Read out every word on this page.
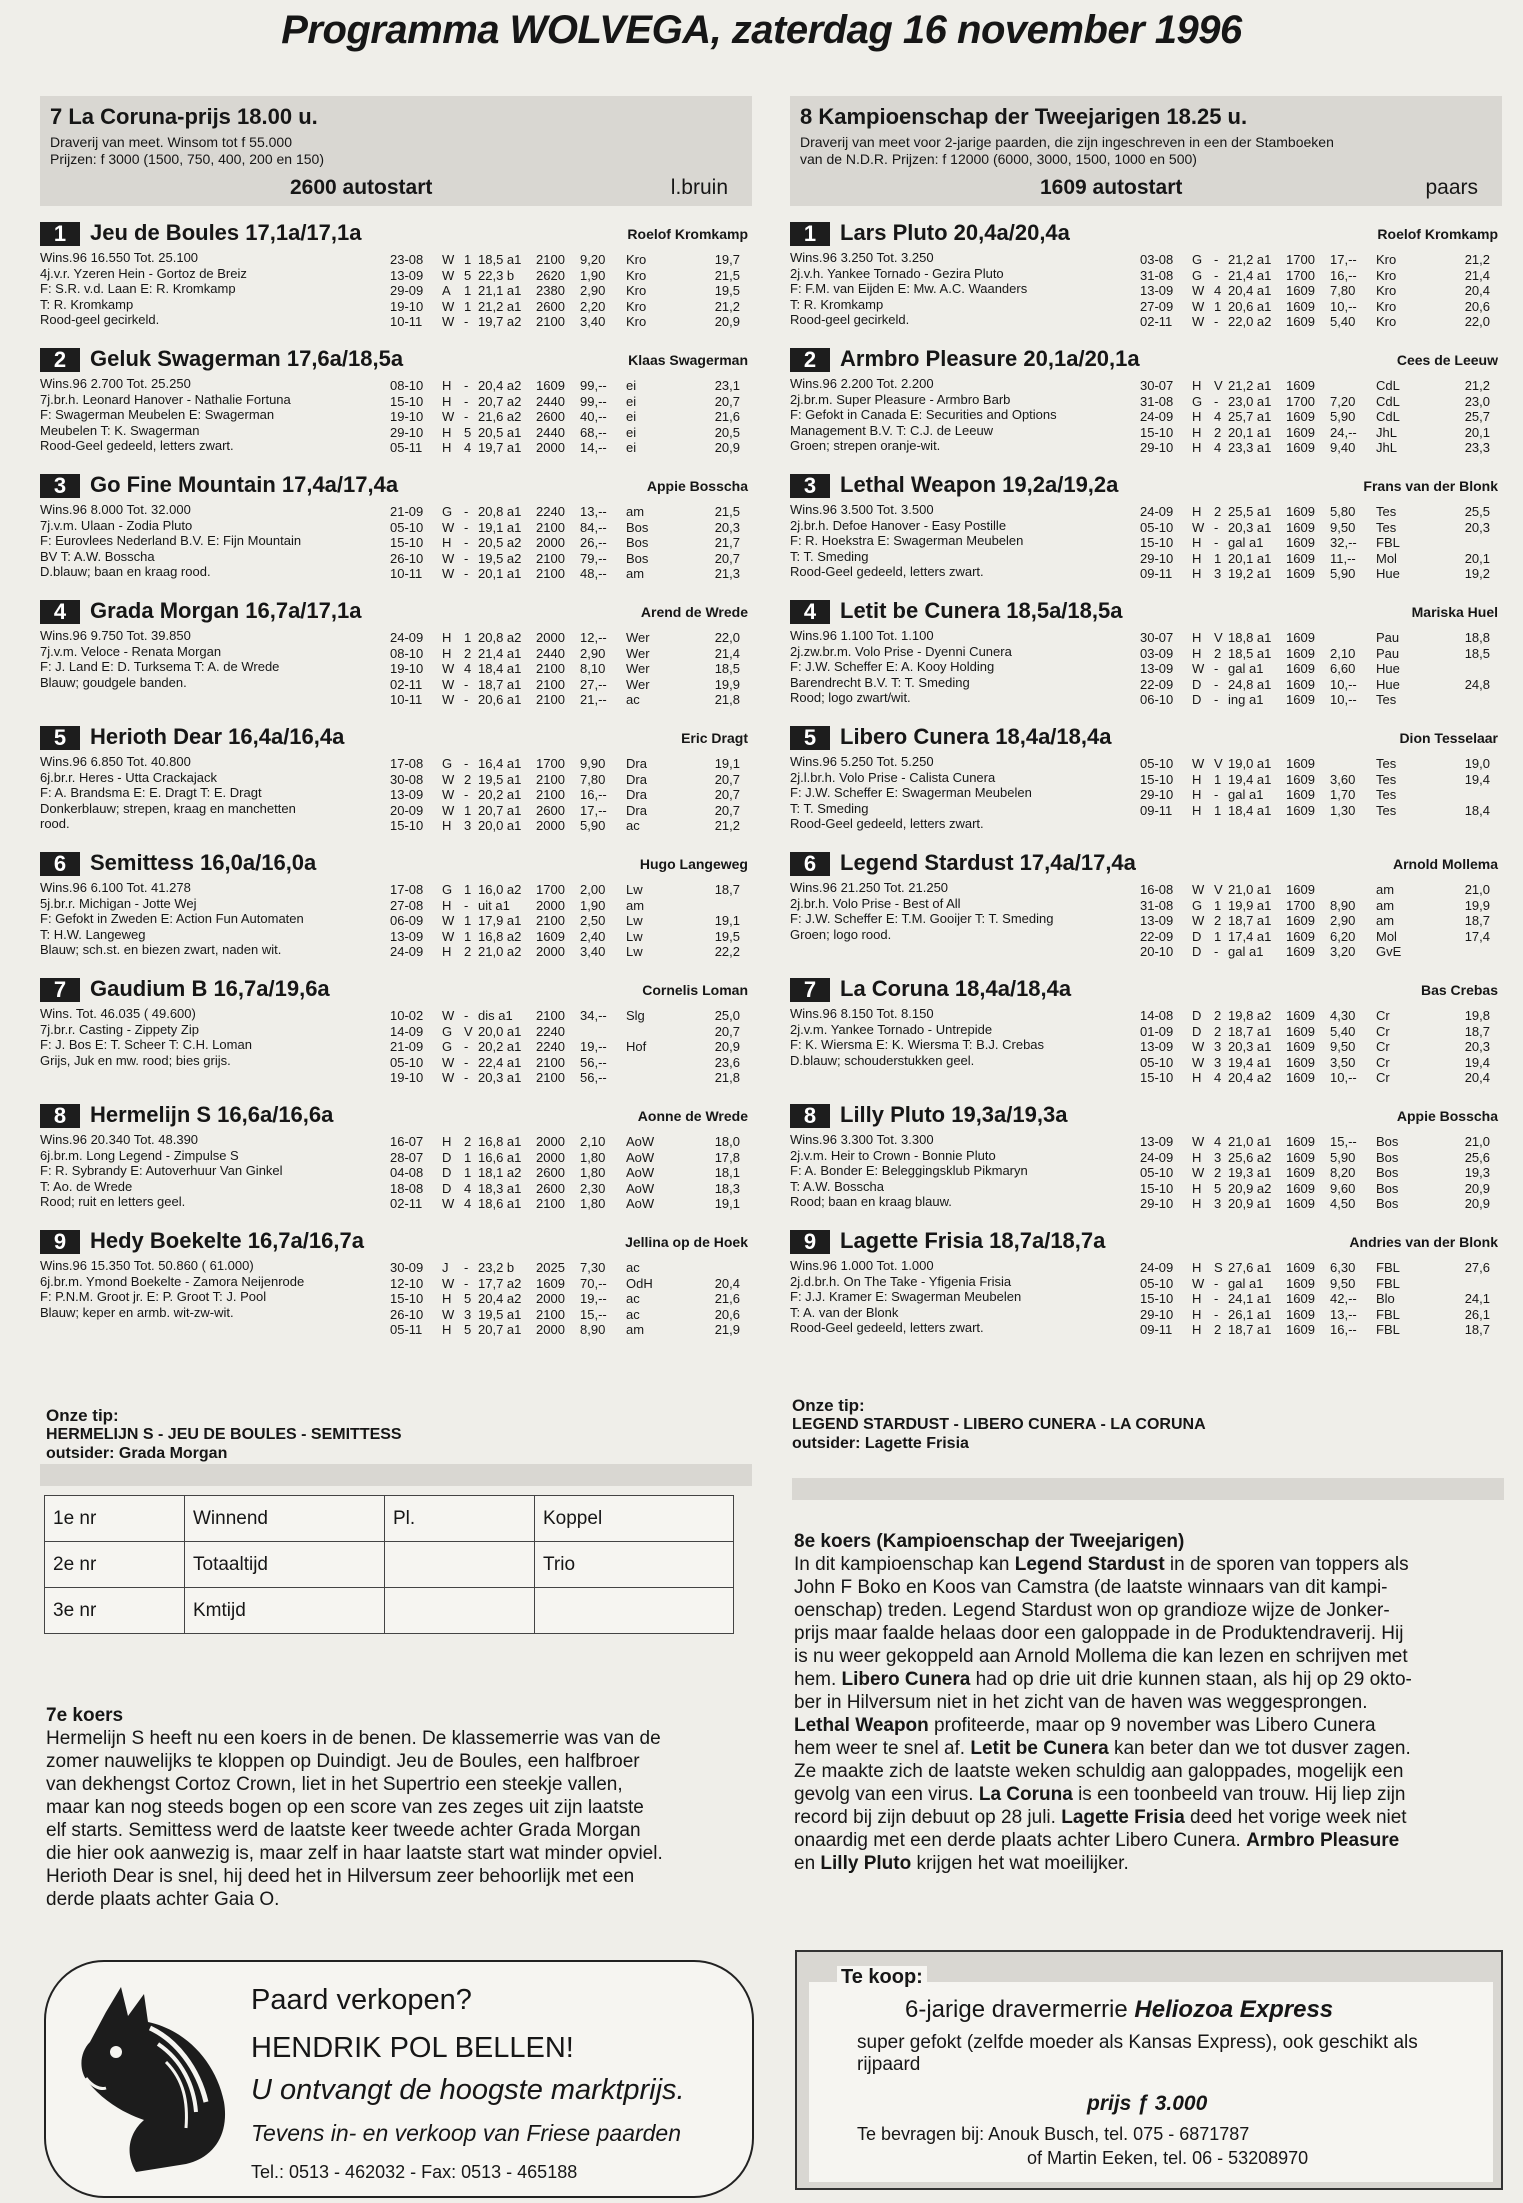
Programma WOLVEGA, zaterdag 16 november 1996
7 La Coruna-prijs 18.00 u.
Draverij van meet. Winsom tot f 55.000
Prijzen: f 3000 (1500, 750, 400, 200 en 150)
2600 autostart	l.bruin
1	Jeu de Boules 17,1a/17,1a	Roelof Kromkamp
Wins.96 16.550 Tot. 25.100
4j.v.r. Yzeren Hein - Gortoz de Breiz
F: S.R. v.d. Laan E: R. Kromkamp
T: R. Kromkamp
Rood-geel gecirkeld.
23-08 W 1 18,5 a1 2100 9,20 Kro	19,7
13-09 W 5 22,3 b 2620 1,90 Kro	21,5
29-09 A 1 21,1 a1 2380 2,90 Kro	19,5
19-10 W 1 21,2 a1 2600 2,20 Kro	21,2
10-11 W - 19,7 a2 2100 3,40 Kro	20,9
2	Geluk Swagerman 17,6a/18,5a	Klaas Swagerman
Wins.96 2.700 Tot. 25.250
7j.br.h. Leonard Hanover - Nathalie Fortuna
F: Swagerman Meubelen E: Swagerman
Meubelen T: K. Swagerman
Rood-Geel gedeeld, letters zwart.
08-10 H - 20,4 a2 1609 99,-- ei	23,1
15-10 H - 20,7 a2 2440 99,-- ei	20,7
19-10 W - 21,6 a2 2600 40,-- ei	21,6
29-10 H 5 20,5 a1 2440 68,-- ei	20,5
05-11 H 4 19,7 a1 2000 14,-- ei	20,9
3	Go Fine Mountain 17,4a/17,4a	Appie Bosscha
Wins.96 8.000 Tot. 32.000
7j.v.m. Ulaan - Zodia Pluto
F: Eurovlees Nederland B.V. E: Fijn Mountain
BV T: A.W. Bosscha
D.blauw; baan en kraag rood.
21-09 G - 20,8 a1 2240 13,-- am	21,5
05-10 W - 19,1 a1 2100 84,-- Bos	20,3
15-10 H - 20,5 a2 2000 26,-- Bos	21,7
26-10 W - 19,5 a2 2100 79,-- Bos	20,7
10-11 W - 20,1 a1 2100 48,-- am	21,3
4	Grada Morgan 16,7a/17,1a	Arend de Wrede
Wins.96 9.750 Tot. 39.850
7j.v.m. Veloce - Renata Morgan
F: J. Land E: D. Turksema T: A. de Wrede
Blauw; goudgele banden.
24-09 H 1 20,8 a2 2000 12,-- Wer	22,0
08-10 H 2 21,4 a1 2440 2,90 Wer	21,4
19-10 W 4 18,4 a1 2100 8,10 Wer	18,5
02-11 W - 18,7 a1 2100 27,-- Wer	19,9
10-11 W - 20,6 a1 2100 21,-- ac	21,8
5	Herioth Dear 16,4a/16,4a	Eric Dragt
Wins.96 6.850 Tot. 40.800
6j.br.r. Heres - Utta Crackajack
F: A. Brandsma E: E. Dragt T: E. Dragt
Donkerblauw; strepen, kraag en manchetten
rood.
17-08 G - 16,4 a1 1700 9,90 Dra	19,1
30-08 W 2 19,5 a1 2100 7,80 Dra	20,7
13-09 W - 20,2 a1 2100 16,-- Dra	20,7
20-09 W 1 20,7 a1 2600 17,-- Dra	20,7
15-10 H 3 20,0 a1 2000 5,90 ac	21,2
6	Semittess 16,0a/16,0a	Hugo Langeweg
Wins.96 6.100 Tot. 41.278
5j.br.r. Michigan - Jotte Wej
F: Gefokt in Zweden E: Action Fun Automaten
T: H.W. Langeweg
Blauw; sch.st. en biezen zwart, naden wit.
17-08 G 1 16,0 a2 1700 2,00 Lw	18,7
27-08 H - uit a1 2000 1,90 am
06-09 W 1 17,9 a1 2100 2,50 Lw	19,1
13-09 W 1 16,8 a2 1609 2,40 Lw	19,5
24-09 H 2 21,0 a2 2000 3,40 Lw	22,2
7	Gaudium B 16,7a/19,6a	Cornelis Loman
Wins. Tot. 46.035 ( 49.600)
7j.br.r. Casting - Zippety Zip
F: J. Bos E: T. Scheer T: C.H. Loman
Grijs, Juk en mw. rood; bies grijs.
10-02 W - dis a1 2100 34,-- Slg	25,0
14-09 G V 20,0 a1 2240	20,7
21-09 G - 20,2 a1 2240 19,-- Hof	20,9
05-10 W - 22,4 a1 2100 56,--	23,6
19-10 W - 20,3 a1 2100 56,--	21,8
8	Hermelijn S 16,6a/16,6a	Aonne de Wrede
Wins.96 20.340 Tot. 48.390
6j.br.m. Long Legend - Zimpulse S
F: R. Sybrandy E: Autoverhuur Van Ginkel
T: Ao. de Wrede
Rood; ruit en letters geel.
16-07 H 2 16,8 a1 2000 2,10 AoW	18,0
28-07 D 1 16,6 a1 2000 1,80 AoW	17,8
04-08 D 1 18,1 a2 2600 1,80 AoW	18,1
18-08 D 4 18,3 a1 2600 2,30 AoW	18,3
02-11 W 4 18,6 a1 2100 1,80 AoW	19,1
9	Hedy Boekelte 16,7a/16,7a	Jellina op de Hoek
Wins.96 15.350 Tot. 50.860 ( 61.000)
6j.br.m. Ymond Boekelte - Zamora Neijenrode
F: P.N.M. Groot jr. E: P. Groot T: J. Pool
Blauw; keper en armb. wit-zw-wit.
30-09 J - 23,2 b 2025 7,30 ac
12-10 W - 17,7 a2 1609 70,-- OdH	20,4
15-10 H 5 20,4 a2 2000 19,-- ac	21,6
26-10 W 3 19,5 a1 2100 15,-- ac	20,6
05-11 H 5 20,7 a1 2000 8,90 am	21,9
8 Kampioenschap der Tweejarigen 18.25 u.
Draverij van meet voor 2-jarige paarden, die zijn ingeschreven in een der Stamboeken
van de N.D.R. Prijzen: f 12000 (6000, 3000, 1500, 1000 en 500)
1609 autostart	paars
1	Lars Pluto 20,4a/20,4a	Roelof Kromkamp
Wins.96 3.250 Tot. 3.250
2j.v.h. Yankee Tornado - Gezira Pluto
F: F.M. van Eijden E: Mw. A.C. Waanders
T: R. Kromkamp
Rood-geel gecirkeld.
03-08 G - 21,2 a1 1700 17,-- Kro	21,2
31-08 G - 21,4 a1 1700 16,-- Kro	21,4
13-09 W 4 20,4 a1 1609 7,80 Kro	20,4
27-09 W 1 20,6 a1 1609 10,-- Kro	20,6
02-11 W - 22,0 a2 1609 5,40 Kro	22,0
2	Armbro Pleasure 20,1a/20,1a	Cees de Leeuw
Wins.96 2.200 Tot. 2.200
2j.br.m. Super Pleasure - Armbro Barb
F: Gefokt in Canada E: Securities and Options
Management B.V. T: C.J. de Leeuw
Groen; strepen oranje-wit.
30-07 H V 21,2 a1 1609	CdL	21,2
31-08 G - 23,0 a1 1700 7,20 CdL	23,0
24-09 H 4 25,7 a1 1609 5,90 CdL	25,7
15-10 H 2 20,1 a1 1609 24,-- JhL	20,1
29-10 H 4 23,3 a1 1609 9,40 JhL	23,3
3	Lethal Weapon 19,2a/19,2a	Frans van der Blonk
Wins.96 3.500 Tot. 3.500
2j.br.h. Defoe Hanover - Easy Postille
F: R. Hoekstra E: Swagerman Meubelen
T: T. Smeding
Rood-Geel gedeeld, letters zwart.
24-09 H 2 25,5 a1 1609 5,80 Tes	25,5
05-10 W - 20,3 a1 1609 9,50 Tes	20,3
15-10 H - gal a1 1609 32,-- FBL
29-10 H 1 20,1 a1 1609 11,-- Mol	20,1
09-11 H 3 19,2 a1 1609 5,90 Hue	19,2
4	Letit be Cunera 18,5a/18,5a	Mariska Huel
Wins.96 1.100 Tot. 1.100
2j.zw.br.m. Volo Prise - Dyenni Cunera
F: J.W. Scheffer E: A. Kooy Holding
Barendrecht B.V. T: T. Smeding
Rood; logo zwart/wit.
30-07 H V 18,8 a1 1609	Pau	18,8
03-09 H 2 18,5 a1 1609 2,10 Pau	18,5
13-09 W - gal a1 1609 6,60 Hue
22-09 D - 24,8 a1 1609 10,-- Hue	24,8
06-10 D - ing a1 1609 10,-- Tes
5	Libero Cunera 18,4a/18,4a	Dion Tesselaar
Wins.96 5.250 Tot. 5.250
2j.l.br.h. Volo Prise - Calista Cunera
F: J.W. Scheffer E: Swagerman Meubelen
T: T. Smeding
Rood-Geel gedeeld, letters zwart.
05-10 W V 19,0 a1 1609	Tes	19,0
15-10 H 1 19,4 a1 1609 3,60 Tes	19,4
29-10 H - gal a1 1609 1,70 Tes
09-11 H 1 18,4 a1 1609 1,30 Tes	18,4
6	Legend Stardust 17,4a/17,4a	Arnold Mollema
Wins.96 21.250 Tot. 21.250
2j.br.h. Volo Prise - Best of All
F: J.W. Scheffer E: T.M. Gooijer T: T. Smeding
Groen; logo rood.
16-08 W V 21,0 a1 1609	am	21,0
31-08 G 1 19,9 a1 1700 8,90 am	19,9
13-09 W 2 18,7 a1 1609 2,90 am	18,7
22-09 D 1 17,4 a1 1609 6,20 Mol	17,4
20-10 D - gal a1 1609 3,20 GvE
7	La Coruna 18,4a/18,4a	Bas Crebas
Wins.96 8.150 Tot. 8.150
2j.v.m. Yankee Tornado - Untrepide
F: K. Wiersma E: K. Wiersma T: B.J. Crebas
D.blauw; schouderstukken geel.
14-08 D 2 19,8 a2 1609 4,30 Cr	19,8
01-09 D 2 18,7 a1 1609 5,40 Cr	18,7
13-09 W 3 20,3 a1 1609 9,50 Cr	20,3
05-10 W 3 19,4 a1 1609 3,50 Cr	19,4
15-10 H 4 20,4 a2 1609 10,-- Cr	20,4
8	Lilly Pluto 19,3a/19,3a	Appie Bosscha
Wins.96 3.300 Tot. 3.300
2j.v.m. Heir to Crown - Bonnie Pluto
F: A. Bonder E: Beleggingsklub Pikmaryn
T: A.W. Bosscha
Rood; baan en kraag blauw.
13-09 W 4 21,0 a1 1609 15,-- Bos	21,0
24-09 H 3 25,6 a2 1609 5,90 Bos	25,6
05-10 W 2 19,3 a1 1609 8,20 Bos	19,3
15-10 H 5 20,9 a2 1609 9,60 Bos	20,9
29-10 H 3 20,9 a1 1609 4,50 Bos	20,9
9	Lagette Frisia 18,7a/18,7a	Andries van der Blonk
Wins.96 1.000 Tot. 1.000
2j.d.br.h. On The Take - Yfigenia Frisia
F: J.J. Kramer E: Swagerman Meubelen
T: A. van der Blonk
Rood-Geel gedeeld, letters zwart.
24-09 H S 27,6 a1 1609 6,30 FBL	27,6
05-10 W - gal a1 1609 9,50 FBL
15-10 H - 24,1 a1 1609 42,-- Blo	24,1
29-10 H - 26,1 a1 1609 13,-- FBL	26,1
09-11 H 2 18,7 a1 1609 16,-- FBL	18,7
Onze tip:
HERMELIJN S - JEU DE BOULES - SEMITTESS
outsider: Grada Morgan
Onze tip:
LEGEND STARDUST - LIBERO CUNERA - LA CORUNA
outsider: Lagette Frisia
1e nr	Winnend	Pl.	Koppel
2e nr	Totaaltijd		Trio
3e nr	Kmtijd		
7e koers
Hermelijn S heeft nu een koers in de benen. De klassemerrie was van de
zomer nauwelijks te kloppen op Duindigt. Jeu de Boules, een halfbroer
van dekhengst Cortoz Crown, liet in het Supertrio een steekje vallen,
maar kan nog steeds bogen op een score van zes zeges uit zijn laatste
elf starts. Semittess werd de laatste keer tweede achter Grada Morgan
die hier ook aanwezig is, maar zelf in haar laatste start wat minder opviel.
Herioth Dear is snel, hij deed het in Hilversum zeer behoorlijk met een
derde plaats achter Gaia O.
8e koers (Kampioenschap der Tweejarigen)
In dit kampioenschap kan Legend Stardust in de sporen van toppers als
John F Boko en Koos van Camstra (de laatste winnaars van dit kampi-
oenschap) treden. Legend Stardust won op grandioze wijze de Jonker-
prijs maar faalde helaas door een galoppade in de Produktendraverij. Hij
is nu weer gekoppeld aan Arnold Mollema die kan lezen en schrijven met
hem. Libero Cunera had op drie uit drie kunnen staan, als hij op 29 okto-
ber in Hilversum niet in het zicht van de haven was weggesprongen.
Lethal Weapon profiteerde, maar op 9 november was Libero Cunera
hem weer te snel af. Letit be Cunera kan beter dan we tot dusver zagen.
Ze maakte zich de laatste weken schuldig aan galoppades, mogelijk een
gevolg van een virus. La Coruna is een toonbeeld van trouw. Hij liep zijn
record bij zijn debuut op 28 juli. Lagette Frisia deed het vorige week niet
onaardig met een derde plaats achter Libero Cunera. Armbro Pleasure
en Lilly Pluto krijgen het wat moeilijker.
Paard verkopen?
HENDRIK POL BELLEN!
U ontvangt de hoogste marktprijs.
Tevens in- en verkoop van Friese paarden
Tel.: 0513 - 462032 - Fax: 0513 - 465188
Te koop:
6-jarige dravermerrie Heliozoa Express
super gefokt (zelfde moeder als Kansas Express), ook geschikt als rijpaard
prijs ƒ 3.000
Te bevragen bij: Anouk Busch, tel. 075 - 6871787
of Martin Eeken, tel. 06 - 53208970
